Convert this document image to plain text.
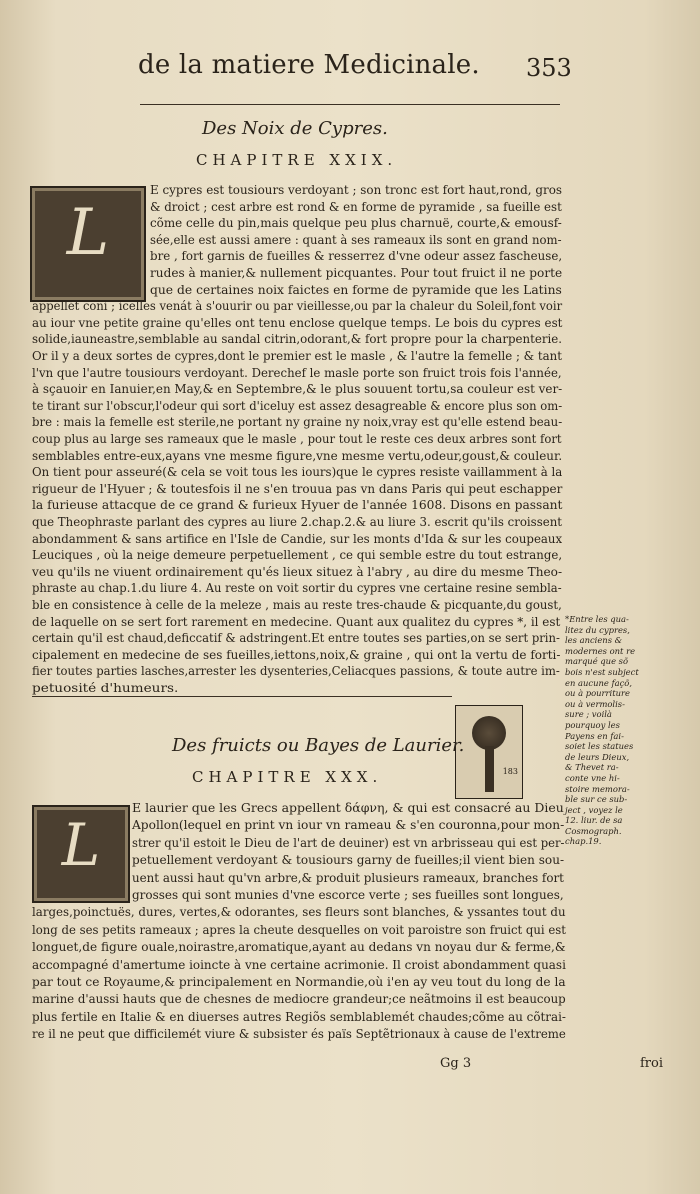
de la matiere Medicinale. 353
Des Noix de Cypres.
CHAPITRE XXIX.
L
E cypres est tousiours verdoyant ; son tronc est fort haut,rond, gros
& droict ; cest arbre est rond & en forme de pyramide , sa fueille est
cõme celle du pin,mais quelque peu plus charnuë, courte,& emousf-
sée,elle est aussi amere : quant à ses rameaux ils sont en grand nom-
bre , fort garnis de fueilles & resserrez d'vne odeur assez fascheuse,
rudes à manier,& nullement picquantes. Pour tout fruict il ne porte
que de certaines noix faictes en forme de pyramide que les Latins
appellét coni ; icelles venát à s'ouurir ou par vieillesse,ou par la chaleur du Soleil,font voir
au iour vne petite graine qu'elles ont tenu enclose quelque temps. Le bois du cypres est
solide,iauneastre,semblable au sandal citrin,odorant,& fort propre pour la charpenterie.
Or il y a deux sortes de cypres,dont le premier est le masle , & l'autre la femelle ; & tant
l'vn que l'autre tousiours verdoyant. Derechef le masle porte son fruict trois fois l'année,
à sçauoir en Ianuier,en May,& en Septembre,& le plus souuent tortu,sa couleur est ver-
te tirant sur l'obscur,l'odeur qui sort d'iceluy est assez desagreable & encore plus son om-
bre : mais la femelle est sterile,ne portant ny graine ny noix,vray est qu'elle estend beau-
coup plus au large ses rameaux que le masle , pour tout le reste ces deux arbres sont fort
semblables entre-eux,ayans vne mesme figure,vne mesme vertu,odeur,goust,& couleur.
On tient pour asseuré(& cela se voit tous les iours)que le cypres resiste vaillamment à la
rigueur de l'Hyuer ; & toutesfois il ne s'en trouua pas vn dans Paris qui peut eschapper
la furieuse attacque de ce grand & furieux Hyuer de l'année 1608. Disons en passant
que Theophraste parlant des cypres au liure 2.chap.2.& au liure 3. escrit qu'ils croissent
abondamment & sans artifice en l'Isle de Candie, sur les monts d'Ida & sur les coupeaux
Leuciques , où la neige demeure perpetuellement , ce qui semble estre du tout estrange,
veu qu'ils ne viuent ordinairement qu'és lieux situez à l'abry , au dire du mesme Theo-
phraste au chap.1.du liure 4. Au reste on voit sortir du cypres vne certaine resine sembla-
ble en consistence à celle de la meleze , mais au reste tres-chaude & picquante,du goust,
de laquelle on se sert fort rarement en medecine. Quant aux qualitez du cypres *, il est
certain qu'il est chaud,deficcatif & adstringent.Et entre toutes ses parties,on se sert prin-
cipalement en medecine de ses fueilles,iettons,noix,& graine , qui ont la vertu de forti-
fier toutes parties lasches,arrester les dysenteries,Celiacques passions, & toute autre im-
petuosité d'humeurs.
183
Des fruicts ou Bayes de Laurier.
CHAPITRE XXX.
L
E laurier que les Grecs appellent δάφνη, & qui est consacré au Dieu
Apollon(lequel en print vn iour vn rameau & s'en couronna,pour mon-
strer qu'il estoit le Dieu de l'art de deuiner) est vn arbrisseau qui est per-
petuellement verdoyant & tousiours garny de fueilles;il vient bien sou-
uent aussi haut qu'vn arbre,& produit plusieurs rameaux, branches fort
grosses qui sont munies d'vne escorce verte ; ses fueilles sont longues,
larges,poinctuës, dures, vertes,& odorantes, ses fleurs sont blanches, & yssantes tout du
long de ses petits rameaux ; apres la cheute desquelles on voit paroistre son fruict qui est
longuet,de figure ouale,noirastre,aromatique,ayant au dedans vn noyau dur & ferme,&
accompagné d'amertume ioincte à vne certaine acrimonie. Il croist abondamment quasi
par tout ce Royaume,& principalement en Normandie,où i'en ay veu tout du long de la
marine d'aussi hauts que de chesnes de mediocre grandeur;ce neãtmoins il est beaucoup
plus fertile en Italie & en diuerses autres Regiõs semblablemét chaudes;cõme au cõtrai-
re il ne peut que difficilemét viure & subsister és païs Septẽtrionaux à cause de l'extreme
*Entre les qua-
litez du cypres,
les anciens &
modernes ont re
marqué que sõ
bois n'est subject
en aucune façõ,
ou à pourriture
ou à vermolis-
sure ; voilà
pourquoy les
Payens en fai-
soiet les statues
de leurs Dieux,
& Thevet ra-
conte vne hi-
stoire memora-
ble sur ce sub-
ject , voyez le
12. liur. de sa
Cosmograph.
chap.19.
Gg 3	froi
